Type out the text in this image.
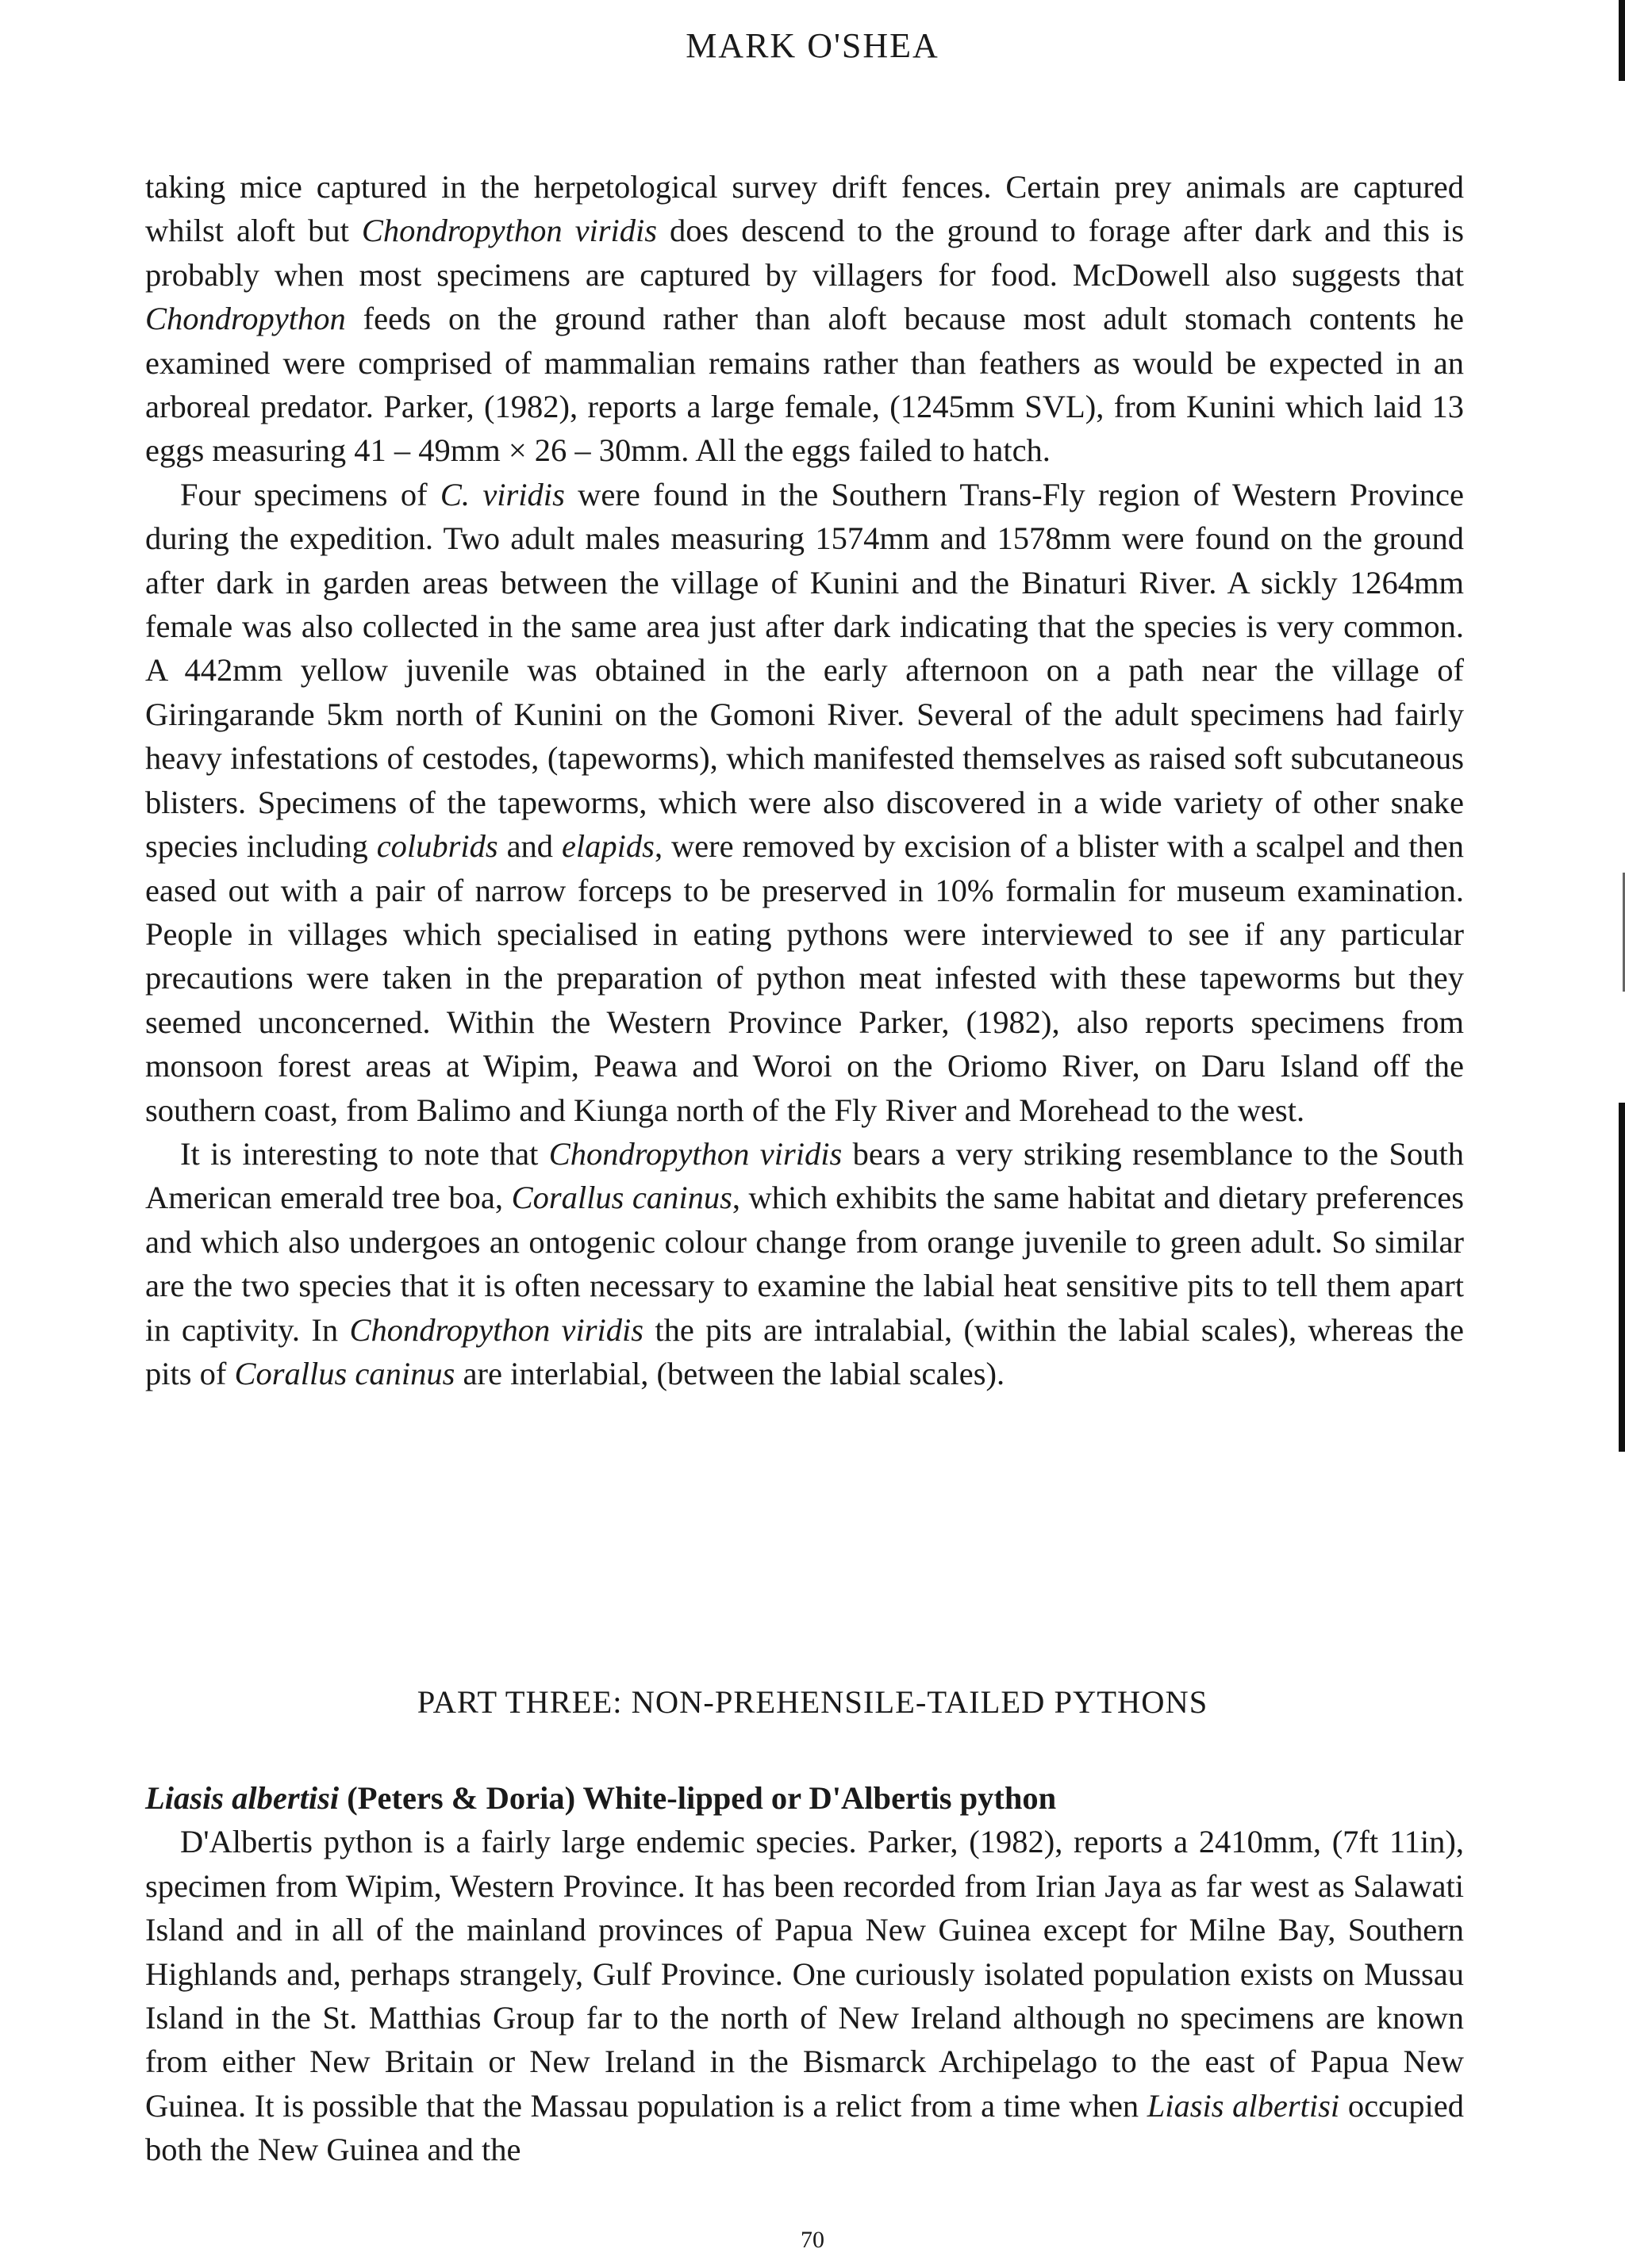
MARK O'SHEA

taking mice captured in the herpetological survey drift fences. Certain prey animals are captured whilst aloft but Chondropython viridis does descend to the ground to forage after dark and this is probably when most specimens are captured by villagers for food. McDowell also suggests that Chondropython feeds on the ground rather than aloft because most adult stomach contents he examined were comprised of mammalian remains rather than feathers as would be expected in an arboreal predator. Parker, (1982), reports a large female, (1245mm SVL), from Kunini which laid 13 eggs measuring 41 – 49mm × 26 – 30mm. All the eggs failed to hatch.

Four specimens of C. viridis were found in the Southern Trans-Fly region of Western Province during the expedition. Two adult males measuring 1574mm and 1578mm were found on the ground after dark in garden areas between the village of Kunini and the Binaturi River. A sickly 1264mm female was also collected in the same area just after dark indicating that the species is very common. A 442mm yellow juvenile was obtained in the early afternoon on a path near the village of Giringarande 5km north of Kunini on the Gomoni River. Several of the adult specimens had fairly heavy infestations of cestodes, (tapeworms), which manifested themselves as raised soft subcutaneous blisters. Specimens of the tapeworms, which were also discovered in a wide variety of other snake species including colubrids and elapids, were removed by excision of a blister with a scalpel and then eased out with a pair of narrow forceps to be preserved in 10% formalin for museum examination. People in villages which specialised in eating pythons were interviewed to see if any particular precautions were taken in the preparation of python meat infested with these tapeworms but they seemed unconcerned. Within the Western Province Parker, (1982), also reports specimens from monsoon forest areas at Wipim, Peawa and Woroi on the Oriomo River, on Daru Island off the southern coast, from Balimo and Kiunga north of the Fly River and Morehead to the west.

It is interesting to note that Chondropython viridis bears a very striking resemblance to the South American emerald tree boa, Corallus caninus, which exhibits the same habitat and dietary preferences and which also undergoes an ontogenic colour change from orange juvenile to green adult. So similar are the two species that it is often necessary to examine the labial heat sensitive pits to tell them apart in captivity. In Chondropython viridis the pits are intralabial, (within the labial scales), whereas the pits of Corallus caninus are interlabial, (between the labial scales).

PART THREE: NON-PREHENSILE-TAILED PYTHONS

Liasis albertisi (Peters & Doria) White-lipped or D'Albertis python

D'Albertis python is a fairly large endemic species. Parker, (1982), reports a 2410mm, (7ft 11in), specimen from Wipim, Western Province. It has been recorded from Irian Jaya as far west as Salawati Island and in all of the mainland provinces of Papua New Guinea except for Milne Bay, Southern Highlands and, perhaps strangely, Gulf Province. One curiously isolated population exists on Mussau Island in the St. Matthias Group far to the north of New Ireland although no specimens are known from either New Britain or New Ireland in the Bismarck Archipelago to the east of Papua New Guinea. It is possible that the Massau population is a relict from a time when Liasis albertisi occupied both the New Guinea and the

70
